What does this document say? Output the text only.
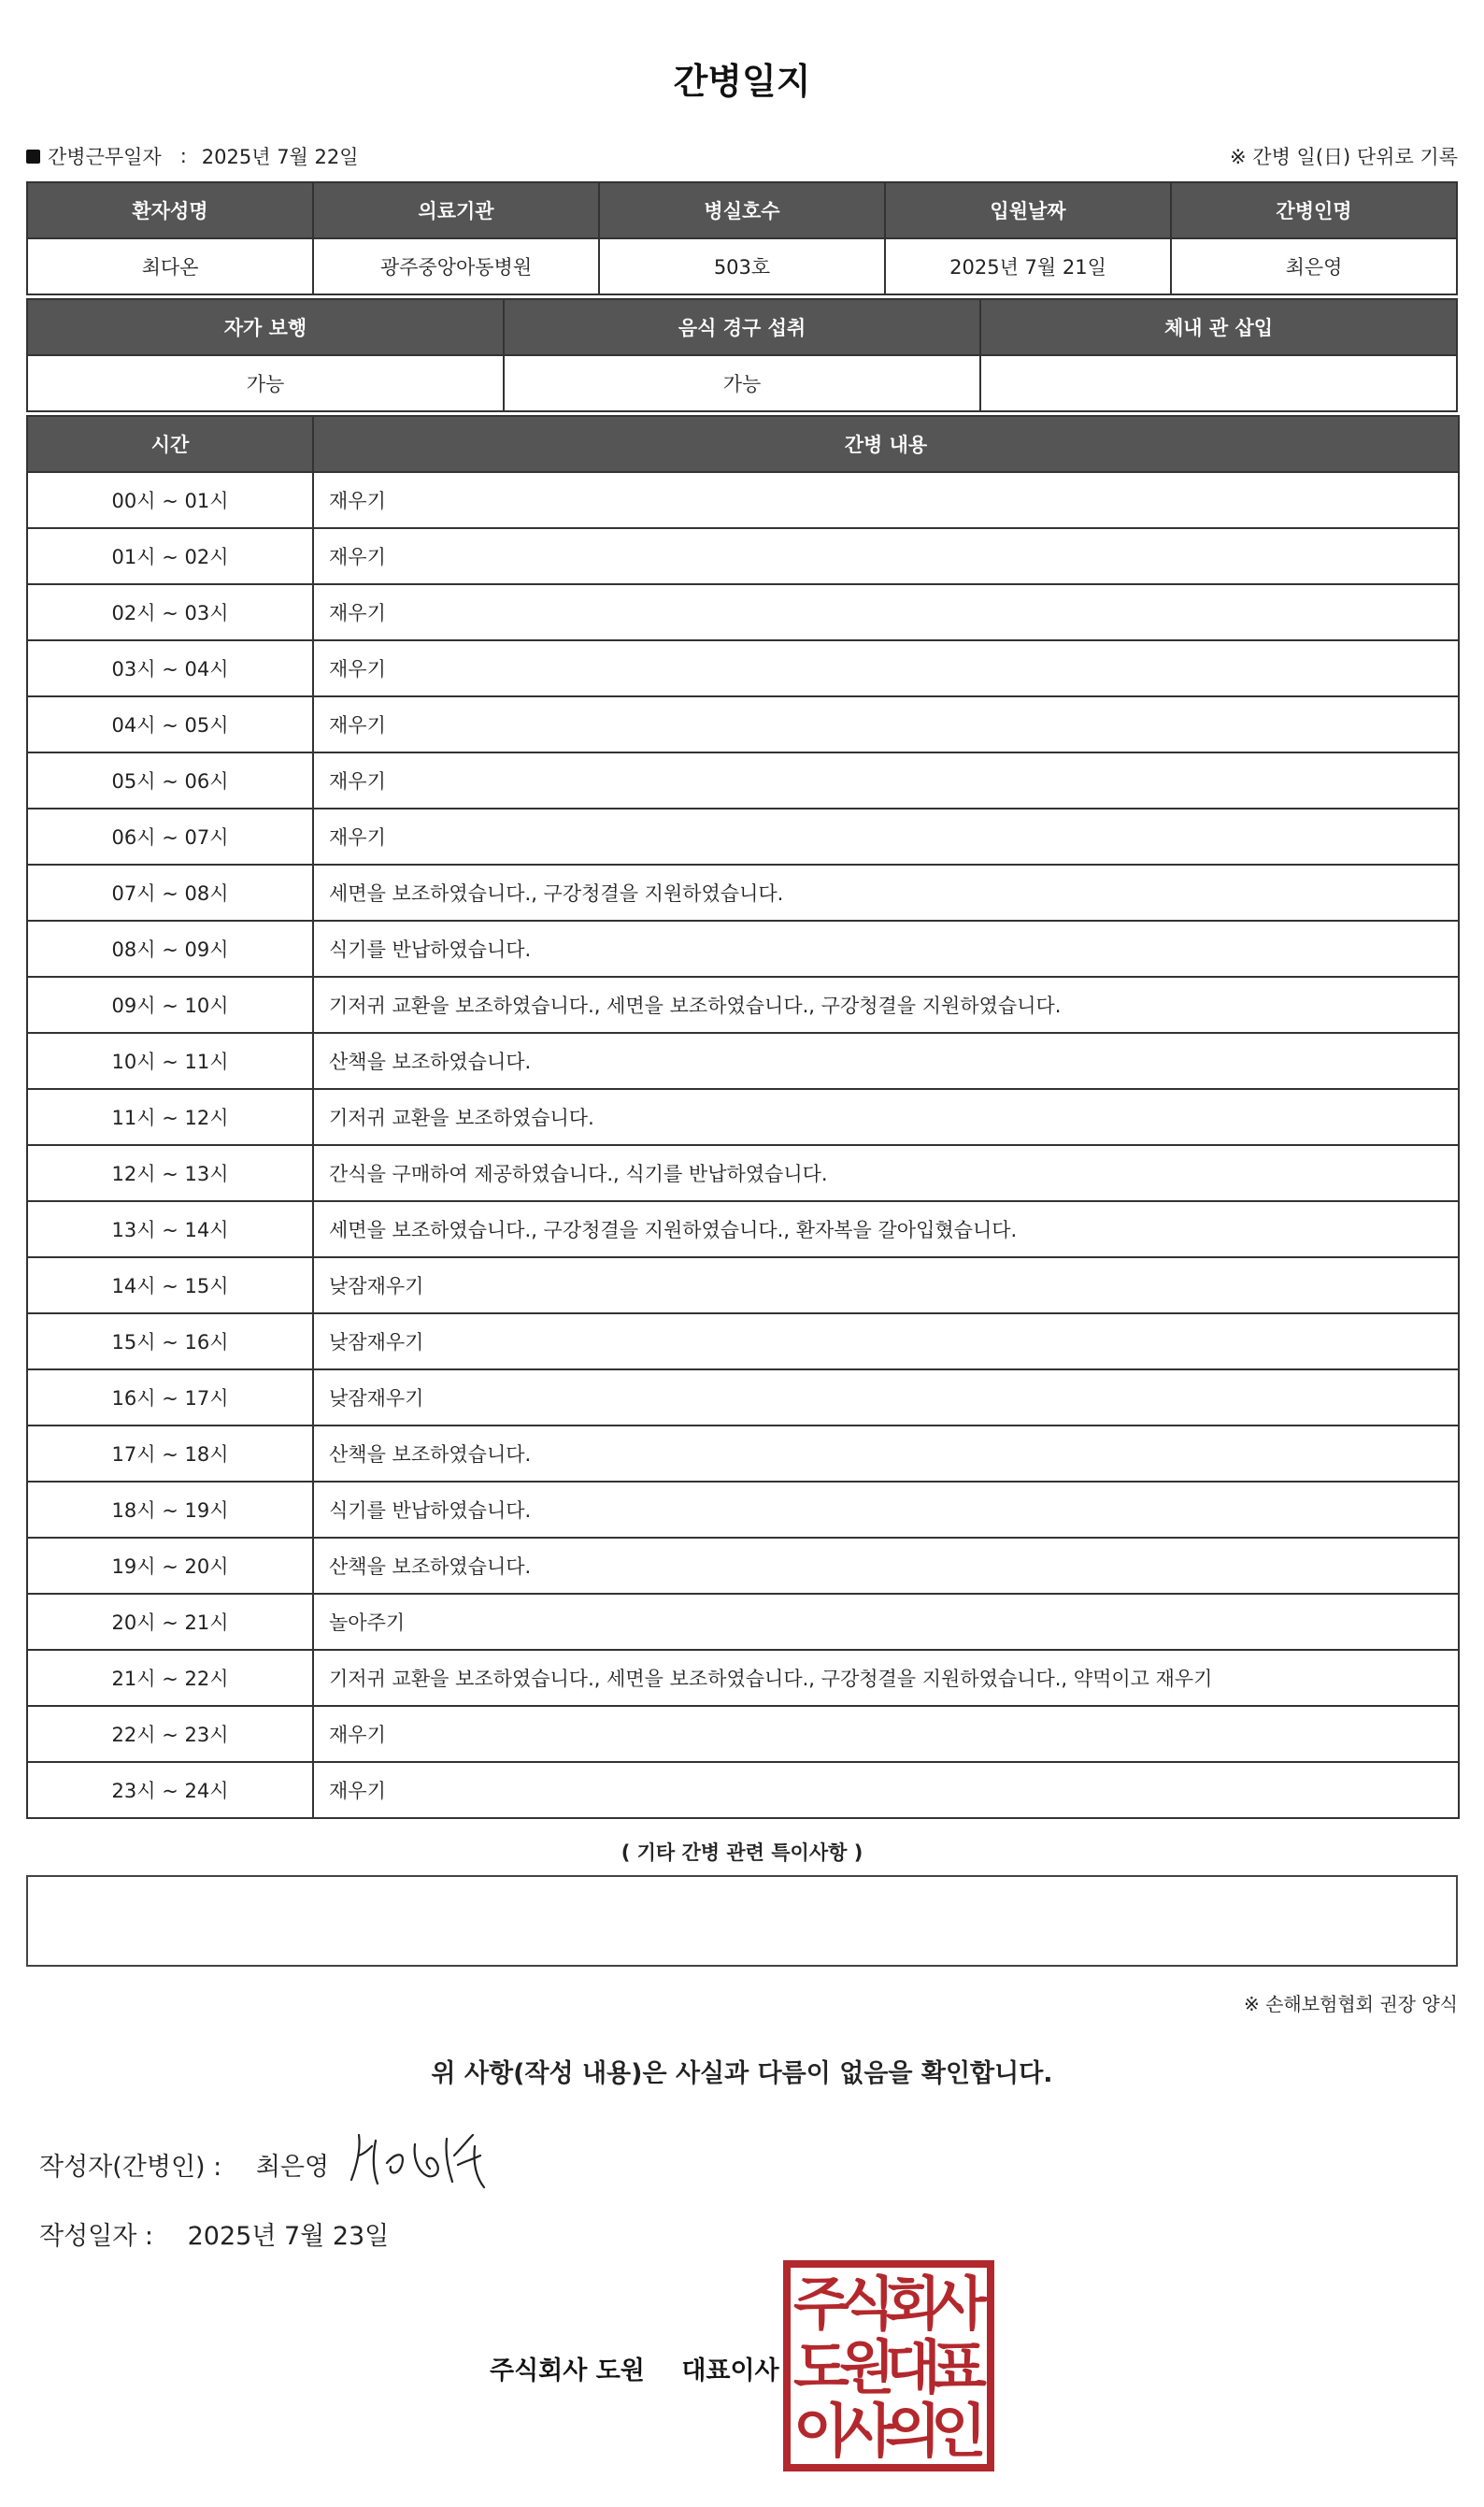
간병일지
간병근무일자 : 2025년 7월 22일	※ 간병 일(日) 단위로 기록
환자성명	의료기관	병실호수	입원날짜	간병인명
최다온	광주중앙아동병원	503호	2025년 7월 21일	최은영
자가 보행	음식 경구 섭취	체내 관 삽입
가능	가능	
시간	간병 내용
00시 ~ 01시	재우기
01시 ~ 02시	재우기
02시 ~ 03시	재우기
03시 ~ 04시	재우기
04시 ~ 05시	재우기
05시 ~ 06시	재우기
06시 ~ 07시	재우기
07시 ~ 08시	세면을 보조하였습니다., 구강청결을 지원하였습니다.
08시 ~ 09시	식기를 반납하였습니다.
09시 ~ 10시	기저귀 교환을 보조하였습니다., 세면을 보조하였습니다., 구강청결을 지원하였습니다.
10시 ~ 11시	산책을 보조하였습니다.
11시 ~ 12시	기저귀 교환을 보조하였습니다.
12시 ~ 13시	간식을 구매하여 제공하였습니다., 식기를 반납하였습니다.
13시 ~ 14시	세면을 보조하였습니다., 구강청결을 지원하였습니다., 환자복을 갈아입혔습니다.
14시 ~ 15시	낮잠재우기
15시 ~ 16시	낮잠재우기
16시 ~ 17시	낮잠재우기
17시 ~ 18시	산책을 보조하였습니다.
18시 ~ 19시	식기를 반납하였습니다.
19시 ~ 20시	산책을 보조하였습니다.
20시 ~ 21시	놀아주기
21시 ~ 22시	기저귀 교환을 보조하였습니다., 세면을 보조하였습니다., 구강청결을 지원하였습니다., 약먹이고 재우기
22시 ~ 23시	재우기
23시 ~ 24시	재우기
( 기타 간병 관련 특이사항 )
※ 손해보험협회 권장 양식
위 사항(작성 내용)은 사실과 다름이 없음을 확인합니다.
작성자(간병인) : 최은영
작성일자 : 2025년 7월 23일
주식회사 도원 대표이사
주
식
회
사
도
원
대
표
이
사
의
인
